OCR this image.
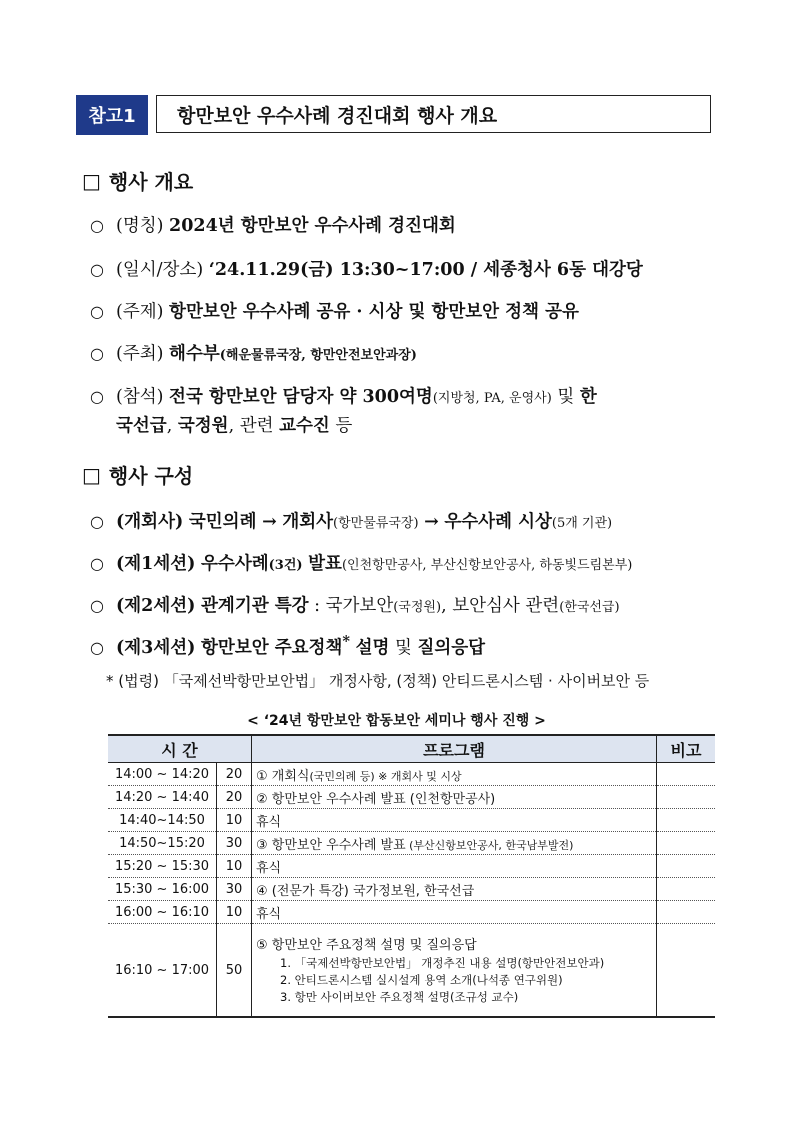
참고1	항만보안 우수사례 경진대회 행사 개요
□ 행사 개요
○ (명칭) 2024년 항만보안 우수사례 경진대회
○ (일시/장소) ‘24.11.29(금) 13:30~17:00 / 세종청사 6동 대강당
○ (주제) 항만보안 우수사례 공유 · 시상 및 항만보안 정책 공유
○ (주최) 해수부(해운물류국장, 항만안전보안과장)
○ (참석) 전국 항만보안 담당자 약 300여명(지방청, PA, 운영사) 및 한
국선급, 국정원, 관련 교수진 등
□ 행사 구성
○ (개회사) 국민의례 → 개회사(항만물류국장) → 우수사례 시상(5개 기관)
○ (제1세션) 우수사례(3건) 발표(인천항만공사, 부산신항보안공사, 하동빛드림본부)
○ (제2세션) 관계기관 특강 : 국가보안(국정원), 보안심사 관련(한국선급)
○ (제3세션) 항만보안 주요정책* 설명 및 질의응답
* (법령) 「국제선박항만보안법」 개정사항, (정책) 안티드론시스템 · 사이버보안 등
< ‘24년 항만보안 합동보안 세미나 행사 진행 >
시 간		프로그램	비고
14:00 ~ 14:20	20	① 개회식(국민의례 등) ※ 개회사 및 시상	
14:20 ~ 14:40	20	② 항만보안 우수사례 발표 (인천항만공사)	
14:40~14:50	10	휴식	
14:50~15:20	30	③ 항만보안 우수사례 발표 (부산신항보안공사, 한국남부발전)	
15:20 ~ 15:30	10	휴식	
15:30 ~ 16:00	30	④ (전문가 특강) 국가정보원, 한국선급	
16:00 ~ 16:10	10	휴식	
16:10 ~ 17:00	50	⑤ 항만보안 주요정책 설명 및 질의응답
1. 「국제선박항만보안법」 개정추진 내용 설명(항만안전보안과)
2. 안티드론시스템 실시설계 용역 소개(나석종 연구위원)
3. 항만 사이버보안 주요정책 설명(조규성 교수)	
